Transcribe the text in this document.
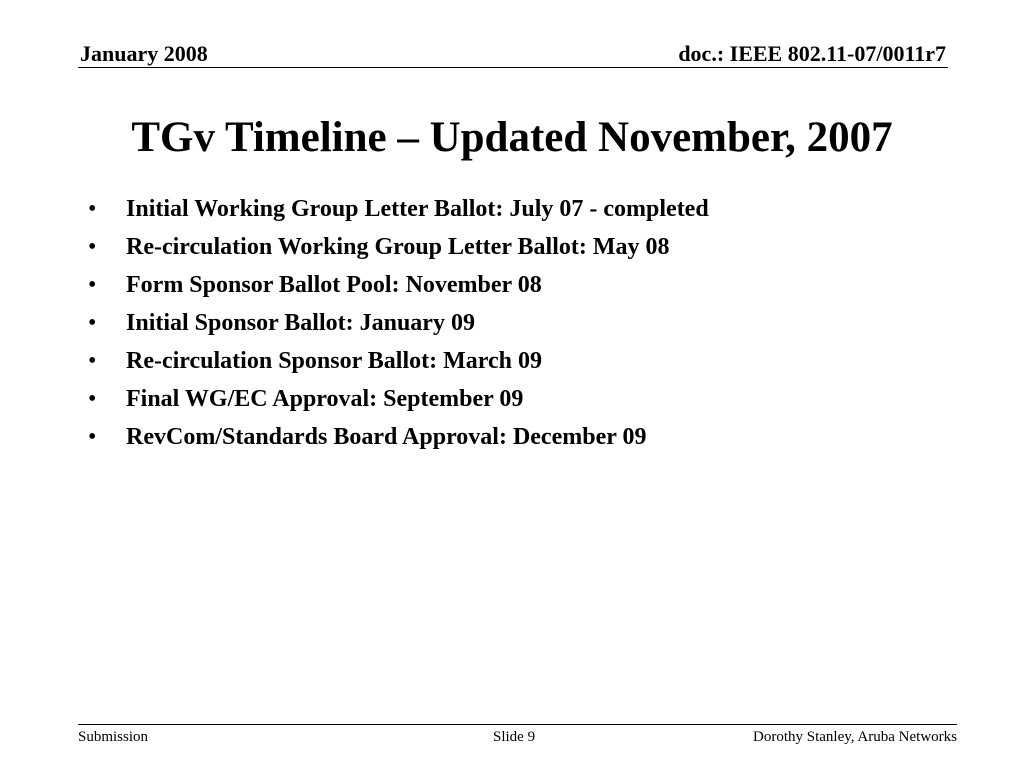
January 2008	doc.: IEEE 802.11-07/0011r7
TGv Timeline – Updated November, 2007
•	Initial Working Group Letter Ballot: July 07 - completed
•	Re-circulation Working Group Letter Ballot: May 08
•	Form Sponsor Ballot Pool: November 08
•	Initial Sponsor Ballot: January 09
•	Re-circulation Sponsor Ballot: March 09
•	Final WG/EC Approval: September 09
•	RevCom/Standards Board Approval: December 09
Submission	Slide 9	Dorothy Stanley, Aruba Networks
